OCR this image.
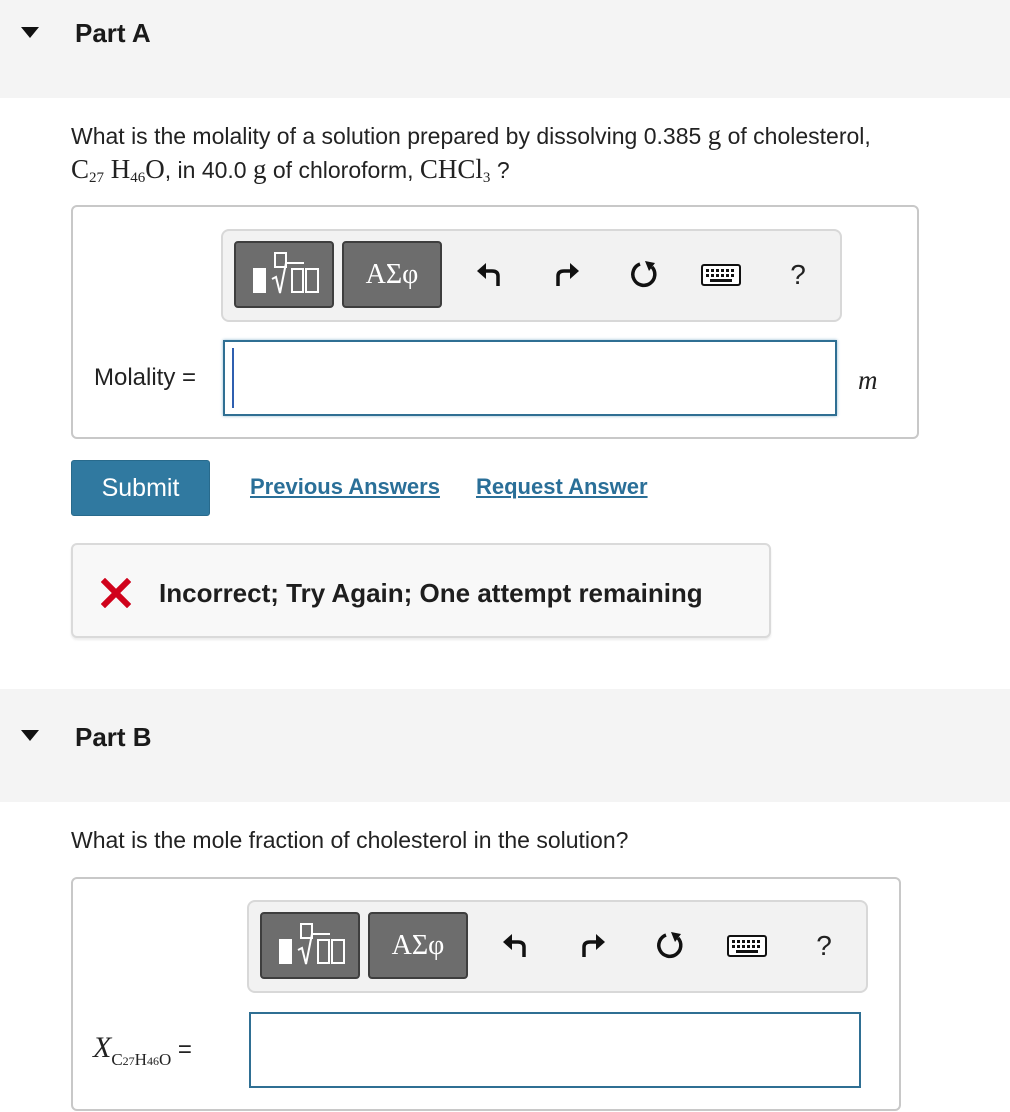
Part A
What is the molality of a solution prepared by dissolving 0.385 g of cholesterol,
$C_{27}$ $H_{46}O$, in 40.0 g of chloroform, CHCl$_3$ ?
ΑΣφ	?
Molality =	m
Submit	Previous Answers Request Answer
Incorrect; Try Again; One attempt remaining
Part B
What is the mole fraction of cholesterol in the solution?
ΑΣφ	?
$X_{C27H46O}$ =
